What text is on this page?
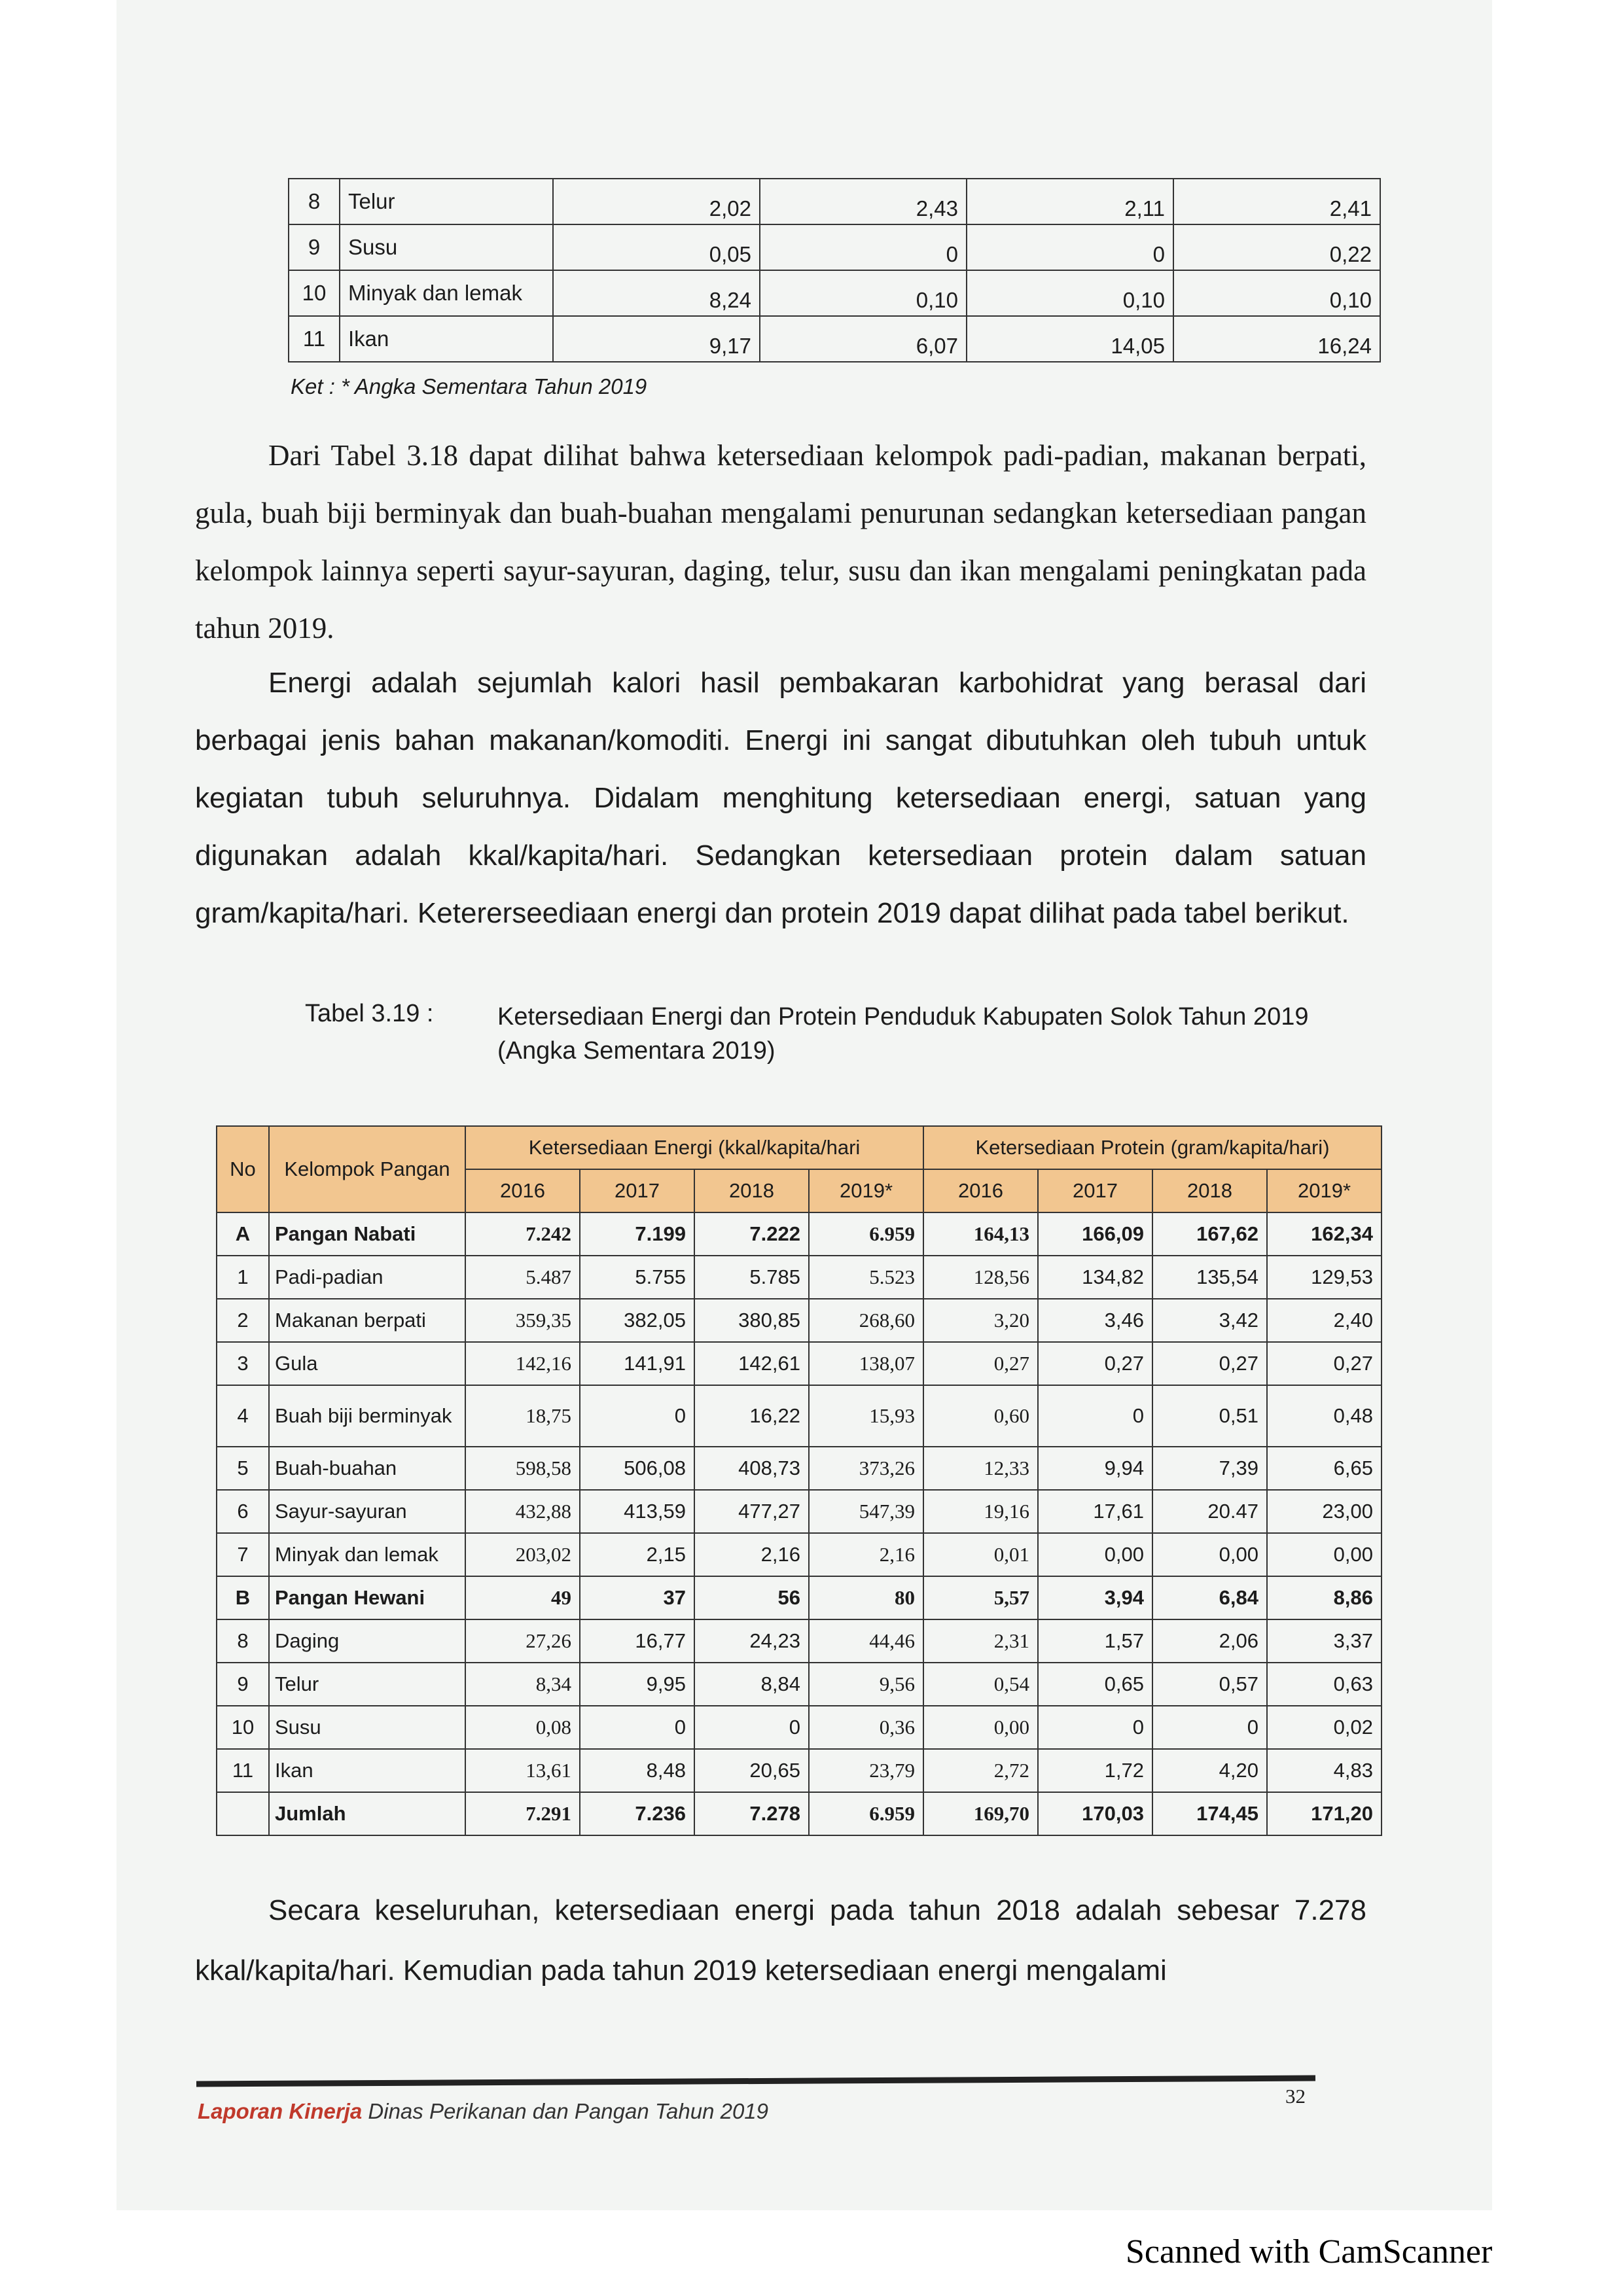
8	Telur	2,02	2,43	2,11	2,41
9	Susu	0,05	0	0	0,22
10	Minyak dan lemak	8,24	0,10	0,10	0,10
11	Ikan	9,17	6,07	14,05	16,24
Ket : * Angka Sementara Tahun 2019

Dari Tabel 3.18 dapat dilihat bahwa ketersediaan kelompok padi-padian, makanan berpati, gula, buah biji berminyak dan buah-buahan mengalami penurunan sedangkan ketersediaan pangan kelompok lainnya seperti sayur-sayuran, daging, telur, susu dan ikan mengalami peningkatan pada tahun 2019.

Energi adalah sejumlah kalori hasil pembakaran karbohidrat yang berasal dari berbagai jenis bahan makanan/komoditi. Energi ini sangat dibutuhkan oleh tubuh untuk kegiatan tubuh seluruhnya. Didalam menghitung ketersediaan energi, satuan yang digunakan adalah kkal/kapita/hari. Sedangkan ketersediaan protein dalam satuan gram/kapita/hari. Ketererseediaan energi dan protein 2019 dapat dilihat pada tabel berikut.

Tabel 3.19 :	Ketersediaan Energi dan Protein Penduduk Kabupaten Solok Tahun 2019 (Angka Sementara 2019)
No	Kelompok Pangan	Ketersediaan Energi (kkal/kapita/hari				Ketersediaan Protein (gram/kapita/hari)			
		2016	2017	2018	2019*	2016	2017	2018	2019*
A	Pangan Nabati	7.242	7.199	7.222	6.959	164,13	166,09	167,62	162,34
1	Padi-padian	5.487	5.755	5.785	5.523	128,56	134,82	135,54	129,53
2	Makanan berpati	359,35	382,05	380,85	268,60	3,20	3,46	3,42	2,40
3	Gula	142,16	141,91	142,61	138,07	0,27	0,27	0,27	0,27
4	Buah biji berminyak	18,75	0	16,22	15,93	0,60	0	0,51	0,48
5	Buah-buahan	598,58	506,08	408,73	373,26	12,33	9,94	7,39	6,65
6	Sayur-sayuran	432,88	413,59	477,27	547,39	19,16	17,61	20.47	23,00
7	Minyak dan lemak	203,02	2,15	2,16	2,16	0,01	0,00	0,00	0,00
B	Pangan Hewani	49	37	56	80	5,57	3,94	6,84	8,86
8	Daging	27,26	16,77	24,23	44,46	2,31	1,57	2,06	3,37
9	Telur	8,34	9,95	8,84	9,56	0,54	0,65	0,57	0,63
10	Susu	0,08	0	0	0,36	0,00	0	0	0,02
11	Ikan	13,61	8,48	20,65	23,79	2,72	1,72	4,20	4,83
	Jumlah	7.291	7.236	7.278	6.959	169,70	170,03	174,45	171,20

Secara keseluruhan, ketersediaan energi pada tahun 2018 adalah sebesar 7.278 kkal/kapita/hari. Kemudian pada tahun 2019 ketersediaan energi mengalami

Laporan Kinerja Dinas Perikanan dan Pangan Tahun 2019
32
Scanned with CamScanner
